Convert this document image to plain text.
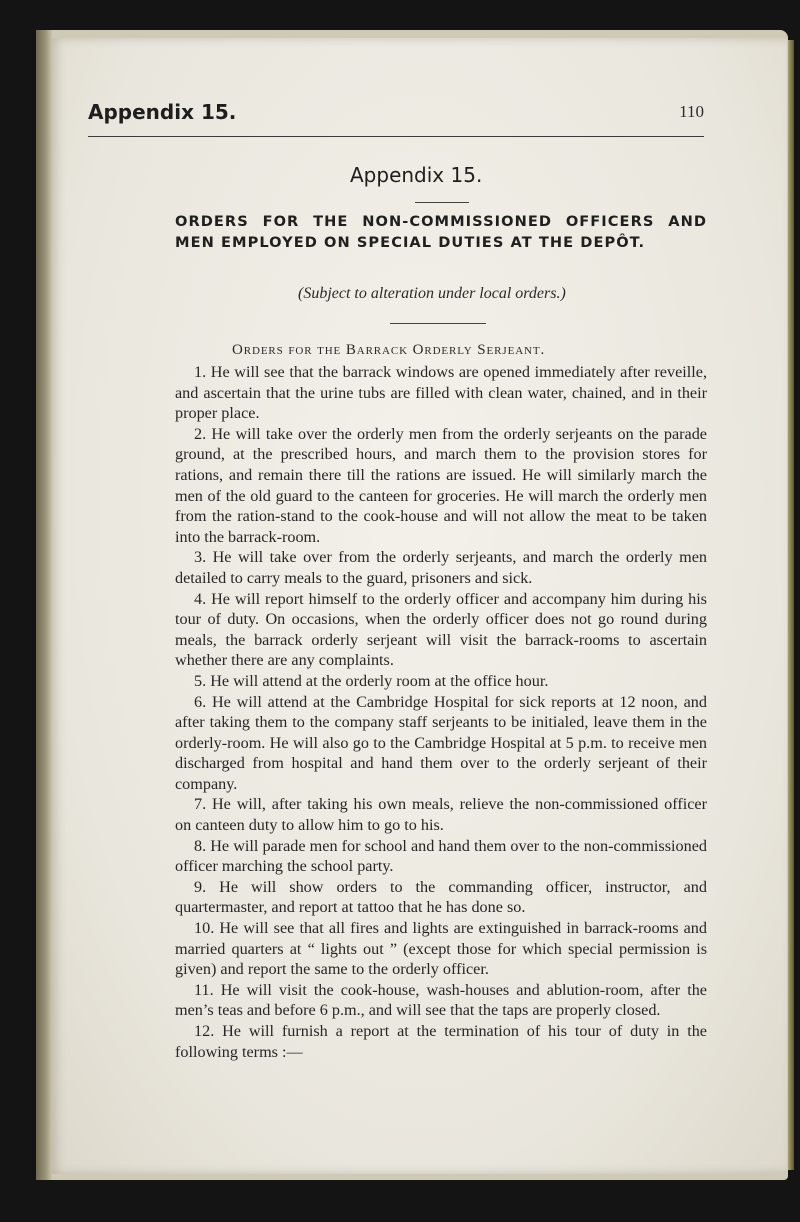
Appendix 15.	110
Appendix 15.
ORDERS FOR THE NON-COMMISSIONED OFFICERS AND MEN EMPLOYED ON SPECIAL DUTIES AT THE DEPÔT.
(Subject to alteration under local orders.)
Orders for the Barrack Orderly Serjeant.

1. He will see that the barrack windows are opened immediately after reveille, and ascertain that the urine tubs are filled with clean water, chained, and in their proper place.

2. He will take over the orderly men from the orderly serjeants on the parade ground, at the prescribed hours, and march them to the provision stores for rations, and remain there till the rations are issued. He will similarly march the men of the old guard to the canteen for groceries. He will march the orderly men from the ration-stand to the cook-house and will not allow the meat to be taken into the barrack-room.

3. He will take over from the orderly serjeants, and march the orderly men detailed to carry meals to the guard, prisoners and sick.

4. He will report himself to the orderly officer and accompany him during his tour of duty. On occasions, when the orderly officer does not go round during meals, the barrack orderly serjeant will visit the barrack-rooms to ascertain whether there are any complaints.

5. He will attend at the orderly room at the office hour.

6. He will attend at the Cambridge Hospital for sick reports at 12 noon, and after taking them to the company staff serjeants to be initialed, leave them in the orderly-room. He will also go to the Cambridge Hospital at 5 p.m. to receive men discharged from hospital and hand them over to the orderly serjeant of their company.

7. He will, after taking his own meals, relieve the non-commissioned officer on canteen duty to allow him to go to his.

8. He will parade men for school and hand them over to the non-commissioned officer marching the school party.

9. He will show orders to the commanding officer, instructor, and quartermaster, and report at tattoo that he has done so.

10. He will see that all fires and lights are extinguished in barrack-rooms and married quarters at “ lights out ” (except those for which special permission is given) and report the same to the orderly officer.

11. He will visit the cook-house, wash-houses and ablution-room, after the men’s teas and before 6 p.m., and will see that the taps are properly closed.

12. He will furnish a report at the termination of his tour of duty in the following terms :—
